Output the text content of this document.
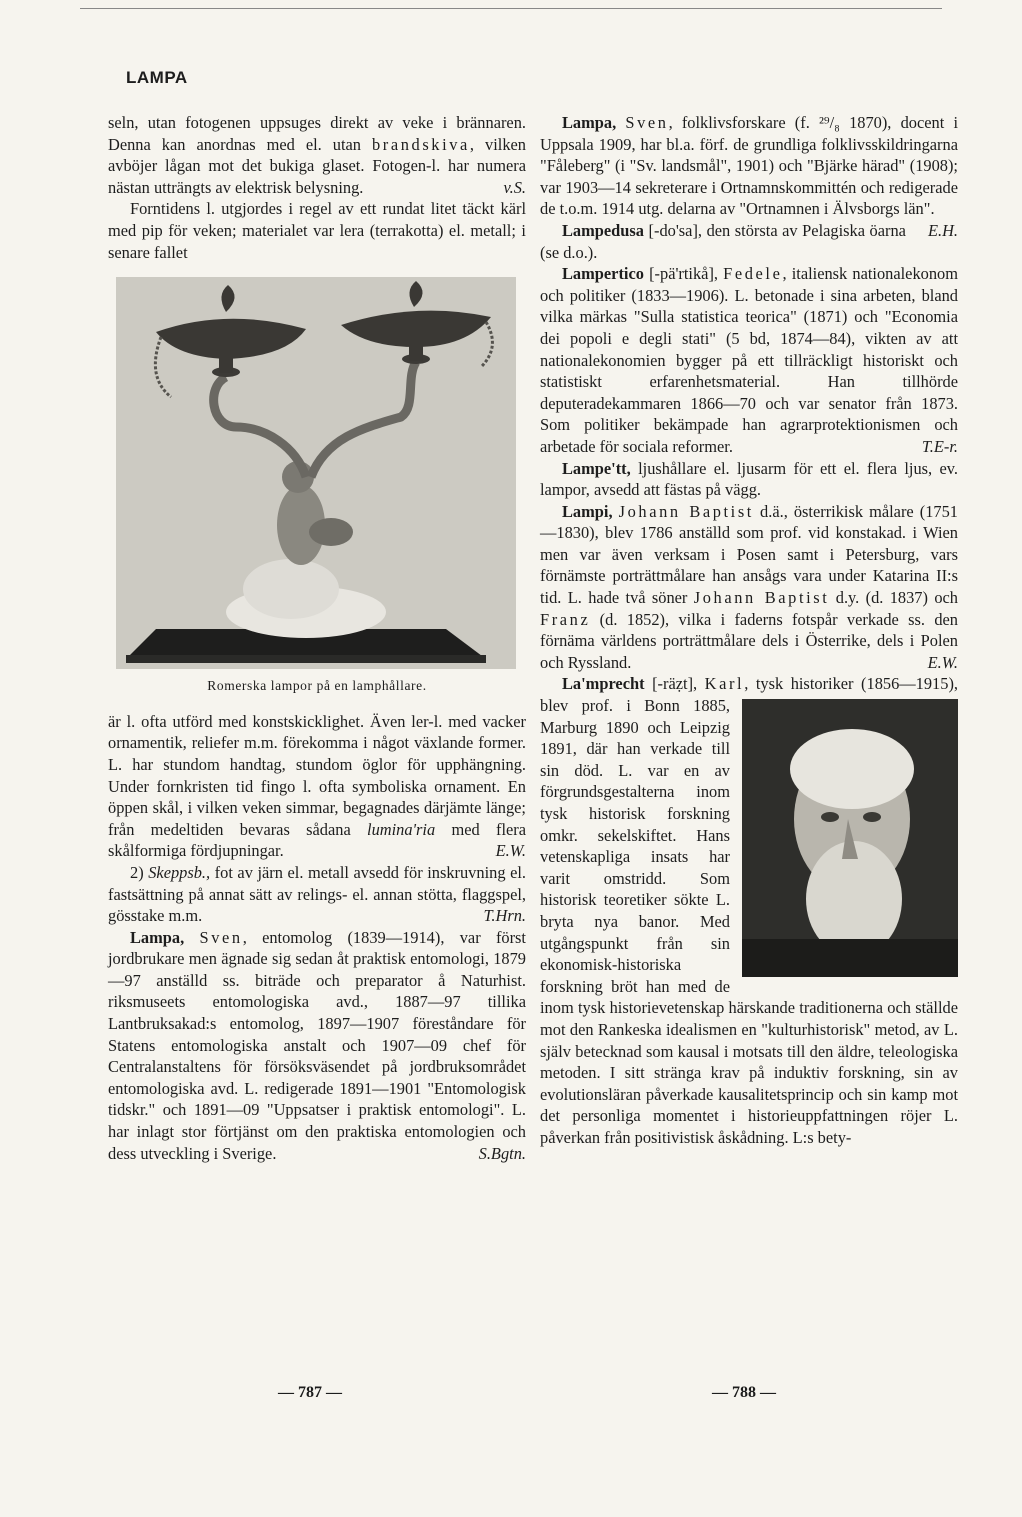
LAMPA

seln, utan fotogenen uppsuges direkt av veke i brännaren. Denna kan anordnas med el. utan brandskiva, vilken avböjer lågan mot det bukiga glaset. Fotogen-l. har numera nästan utträngts av elektrisk belysning.	v.S.

Forntidens l. utgjordes i regel av ett rundat litet täckt kärl med pip för veken; materialet var lera (terrakotta) el. metall; i senare fallet

Romerska lampor på en lamphållare.

är l. ofta utförd med konstskicklighet. Även ler-l. med vacker ornamentik, reliefer m.m. förekomma i något växlande former. L. har stundom handtag, stundom öglor för upphängning. Under fornkristen tid fingo l. ofta symboliska ornament. En öppen skål, i vilken veken simmar, begagnades därjämte länge; från medeltiden bevaras sådana lumina'ria med flera skålformiga fördjupningar.	E.W.

2) Skeppsb., fot av järn el. metall avsedd för inskruvning el. fastsättning på annat sätt av relings- el. annan stötta, flaggspel, gösstake m.m.	T.Hrn.

Lampa, Sven, entomolog (1839—1914), var först jordbrukare men ägnade sig sedan åt praktisk entomologi, 1879—97 anställd ss. biträde och preparator å Naturhist. riksmuseets entomologiska avd., 1887—97 tillika Lantbruksakad:s entomolog, 1897—1907 föreståndare för Statens entomologiska anstalt och 1907—09 chef för Centralanstaltens för försöksväsendet på jordbruksområdet entomologiska avd. L. redigerade 1891—1901 "Entomologisk tidskr." och 1891—09 "Uppsatser i praktisk entomologi". L. har inlagt stor förtjänst om den praktiska entomologien och dess utveckling i Sverige.	S.Bgtn.

Lampa, Sven, folklivsforskare (f. ²⁹/₈ 1870), docent i Uppsala 1909, har bl.a. förf. de grundliga folklivsskildringarna "Fåleberg" (i "Sv. landsmål", 1901) och "Bjärke härad" (1908); var 1903—14 sekreterare i Ortnamnskommittén och redigerade de t.o.m. 1914 utg. delarna av "Ortnamnen i Älvsborgs län".
E.H.

Lampedusa [-do'sa], den största av Pelagiska öarna (se d.o.).

Lampertico [-pä'rtikå], Fedele, italiensk nationalekonom och politiker (1833—1906). L. betonade i sina arbeten, bland vilka märkas "Sulla statistica teorica" (1871) och "Economia dei popoli e degli stati" (5 bd, 1874—84), vikten av att nationalekonomien bygger på ett tillräckligt historiskt och statistiskt erfarenhetsmaterial. Han tillhörde deputeradekammaren 1866—70 och var senator från 1873. Som politiker bekämpade han agrarprotektionismen och arbetade för sociala reformer.	T.E-r.

Lampe'tt, ljushållare el. ljusarm för ett el. flera ljus, ev. lampor, avsedd att fästas på vägg.

Lampi, Johann Baptist d.ä., österrikisk målare (1751—1830), blev 1786 anställd som prof. vid konstakad. i Wien men var även verksam i Posen samt i Petersburg, vars förnämste porträttmålare han ansågs vara under Katarina II:s tid. L. hade två söner Johann Baptist d.y. (d. 1837) och Franz (d. 1852), vilka i faderns fotspår verkade ss. den förnäma världens porträttmålare dels i Österrike, dels i Polen och Ryssland.	E.W.

La'mprecht [-räẓt], Karl
, tysk historiker (1856—1915), blev prof. i Bonn 1885, Marburg 1890 och Leipzig 1891, där han verkade till sin död. L. var en av förgrundsgestalterna inom tysk historisk forskning omkr. sekelskiftet. Hans vetenskapliga insats har varit omstridd. Som historisk teoretiker sökte L. bryta nya banor. Med utgångspunkt från sin ekonomisk-historiska forskning bröt han med de inom tysk historievetenskap härskande traditionerna och ställde mot den Rankeska idealismen en "kulturhistorisk" metod, av L. själv betecknad som kausal i motsats till den äldre, teleologiska metoden. I sitt stränga krav på induktiv forskning, sin av evolutionsläran påverkade kausalitetsprincip och sin kamp mot det personliga momentet i historieuppfattningen röjer L. påverkan från positivistisk åskådning. L:s bety-

— 787 —	— 788 —
